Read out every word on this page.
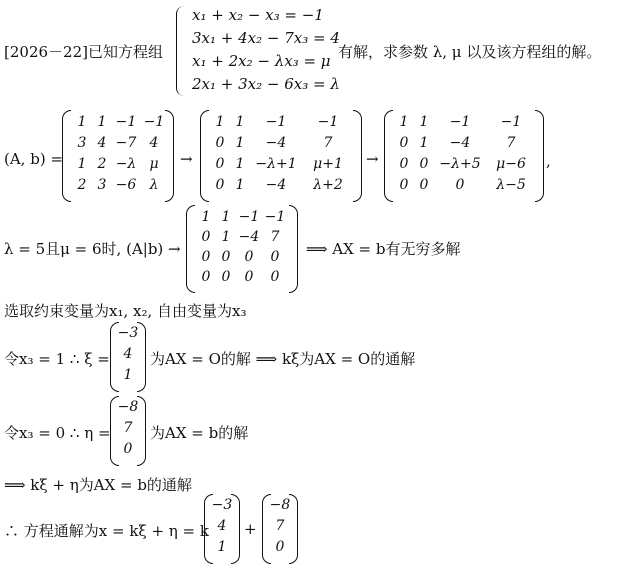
[2026－22] 已知方程组
x₁ + x₂ − x₃ = −1
3x₁ + 4x₂ − 7x₃ = 4
x₁ + 2x₂ − λx₃ = μ
2x₁ + 3x₂ − 6x₃ = λ
有解，求参数 λ, μ 以及该方程组的解。
(A, b) =
1 1 −1 −1
3 4 −7 4
1 2 −λ μ
2 3 −6 λ
→
1 1	−1	−1
0 1	−4	7
0 1 −λ+1	μ+1
0 1	−4	λ+2
→
1 1	−1	−1
0 1	−4	7
0 0 −λ+5	μ−6
0 0	0	λ−5
,
λ = 5且μ = 6时, (A|b) →
1 1 −1 −1
0 1 −4 7
0 0	0	0
0 0	0	0
⟹ AX = b有无穷多解
选取约束变量为x₁, x₂, 自由变量为x₃
令x₃ = 1 ∴ ξ =
−3
4
1
为AX = O的解 ⟹ kξ为AX = O的通解
令x₃ = 0 ∴ η =
−8
7
0
为AX = b的解
⟹ kξ + η为AX = b的通解
∴ 方程通解为x = kξ + η = k
−3
4
1
+
−8
7
0
